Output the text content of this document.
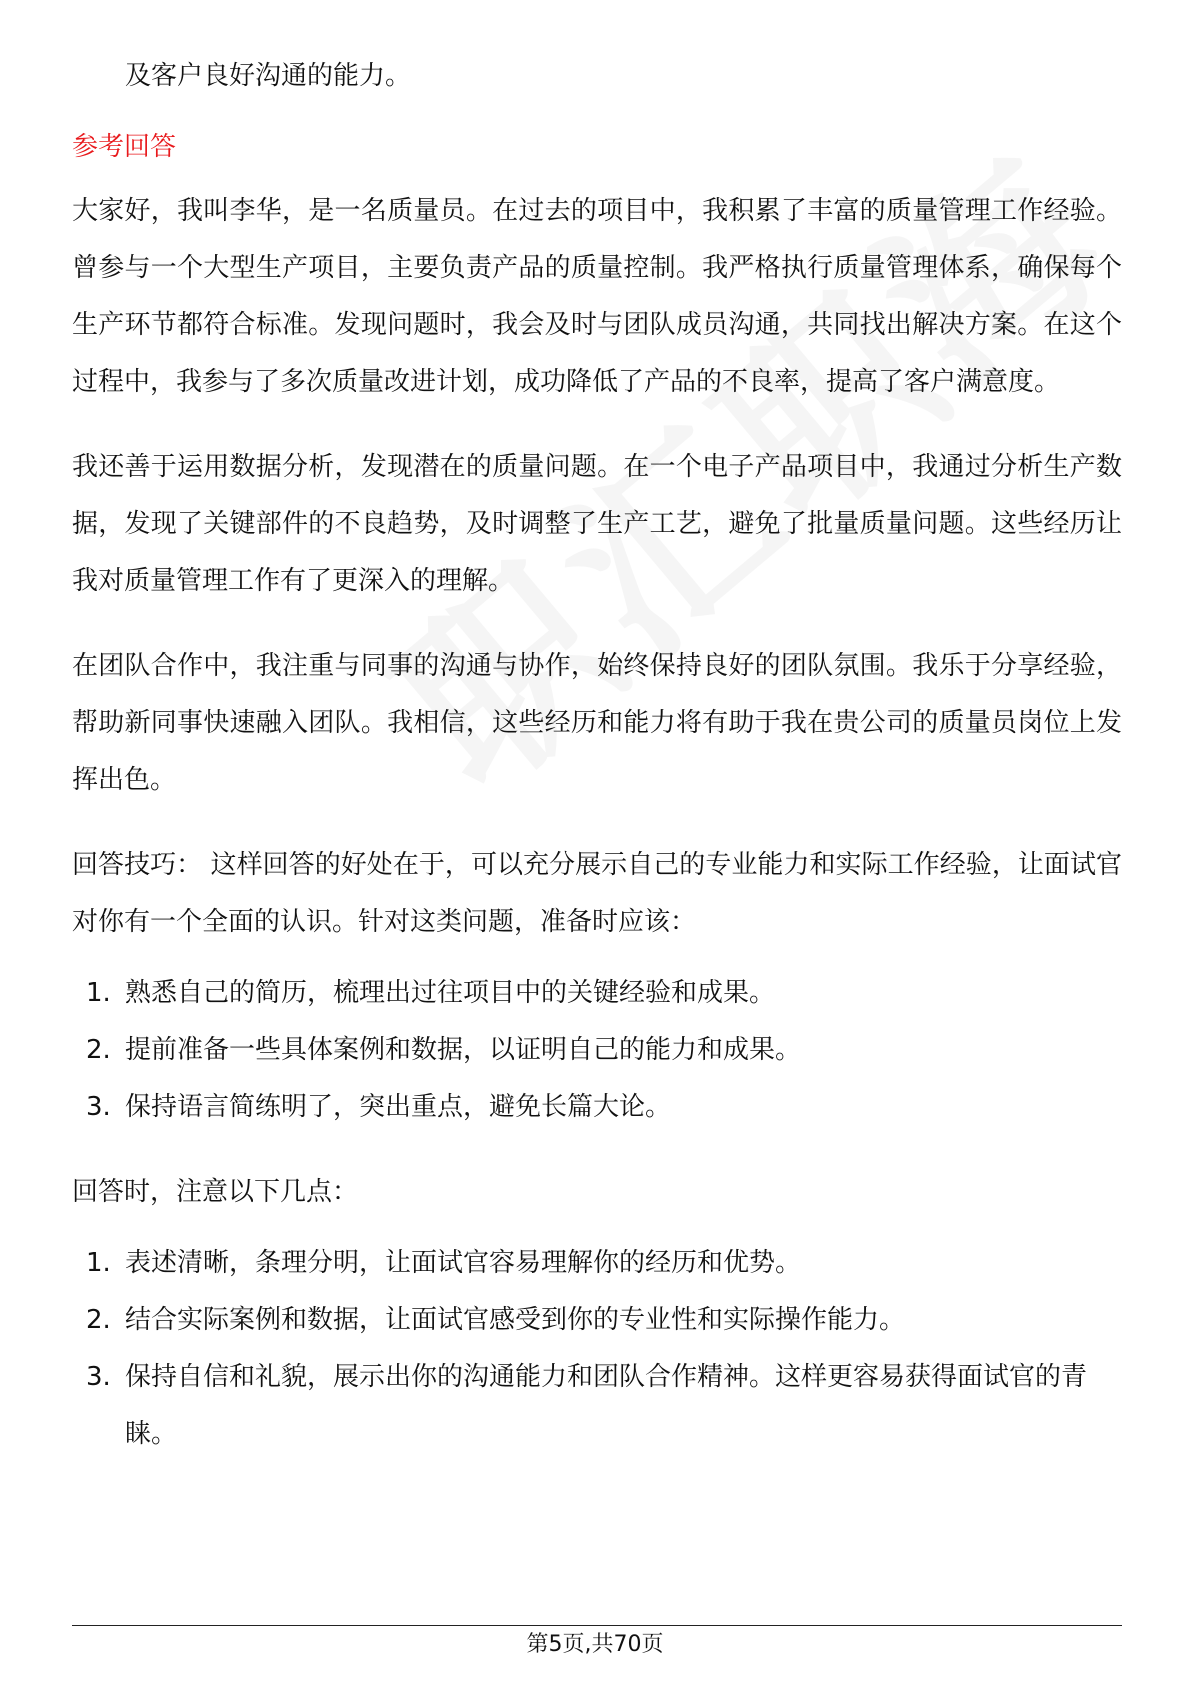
及客户良好沟通的能力。

参考回答

大家好，我叫李华，是一名质量员。在过去的项目中，我积累了丰富的质量管理工作经验。曾参与一个大型生产项目，主要负责产品的质量控制。我严格执行质量管理体系，确保每个生产环节都符合标准。发现问题时，我会及时与团队成员沟通，共同找出解决方案。在这个过程中，我参与了多次质量改进计划，成功降低了产品的不良率，提高了客户满意度。

我还善于运用数据分析，发现潜在的质量问题。在一个电子产品项目中，我通过分析生产数据，发现了关键部件的不良趋势，及时调整了生产工艺，避免了批量质量问题。这些经历让我对质量管理工作有了更深入的理解。

在团队合作中，我注重与同事的沟通与协作，始终保持良好的团队氛围。我乐于分享经验，帮助新同事快速融入团队。我相信，这些经历和能力将有助于我在贵公司的质量员岗位上发挥出色。

回答技巧： 这样回答的好处在于，可以充分展示自己的专业能力和实际工作经验，让面试官对你有一个全面的认识。针对这类问题，准备时应该：

1. 熟悉自己的简历，梳理出过往项目中的关键经验和成果。
2. 提前准备一些具体案例和数据，以证明自己的能力和成果。
3. 保持语言简练明了，突出重点，避免长篇大论。

回答时，注意以下几点：

1. 表述清晰，条理分明，让面试官容易理解你的经历和优势。
2. 结合实际案例和数据，让面试官感受到你的专业性和实际操作能力。
3. 保持自信和礼貌，展示出你的沟通能力和团队合作精神。这样更容易获得面试官的青睐。
第5页,共70页
